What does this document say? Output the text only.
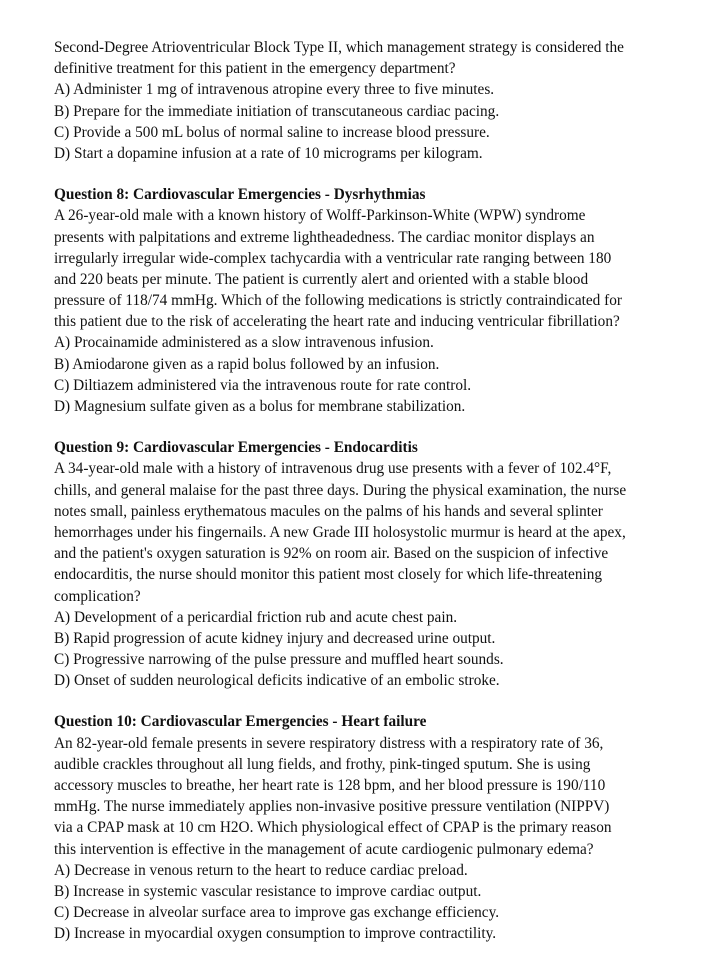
Second-Degree Atrioventricular Block Type II, which management strategy is considered the
definitive treatment for this patient in the emergency department?
A) Administer 1 mg of intravenous atropine every three to five minutes.
B) Prepare for the immediate initiation of transcutaneous cardiac pacing.
C) Provide a 500 mL bolus of normal saline to increase blood pressure.
D) Start a dopamine infusion at a rate of 10 micrograms per kilogram.
Question 8: Cardiovascular Emergencies - Dysrhythmias
A 26-year-old male with a known history of Wolff-Parkinson-White (WPW) syndrome
presents with palpitations and extreme lightheadedness. The cardiac monitor displays an
irregularly irregular wide-complex tachycardia with a ventricular rate ranging between 180
and 220 beats per minute. The patient is currently alert and oriented with a stable blood
pressure of 118/74 mmHg. Which of the following medications is strictly contraindicated for
this patient due to the risk of accelerating the heart rate and inducing ventricular fibrillation?
A) Procainamide administered as a slow intravenous infusion.
B) Amiodarone given as a rapid bolus followed by an infusion.
C) Diltiazem administered via the intravenous route for rate control.
D) Magnesium sulfate given as a bolus for membrane stabilization.
Question 9: Cardiovascular Emergencies - Endocarditis
A 34-year-old male with a history of intravenous drug use presents with a fever of 102.4°F,
chills, and general malaise for the past three days. During the physical examination, the nurse
notes small, painless erythematous macules on the palms of his hands and several splinter
hemorrhages under his fingernails. A new Grade III holosystolic murmur is heard at the apex,
and the patient's oxygen saturation is 92% on room air. Based on the suspicion of infective
endocarditis, the nurse should monitor this patient most closely for which life-threatening
complication?
A) Development of a pericardial friction rub and acute chest pain.
B) Rapid progression of acute kidney injury and decreased urine output.
C) Progressive narrowing of the pulse pressure and muffled heart sounds.
D) Onset of sudden neurological deficits indicative of an embolic stroke.
Question 10: Cardiovascular Emergencies - Heart failure
An 82-year-old female presents in severe respiratory distress with a respiratory rate of 36,
audible crackles throughout all lung fields, and frothy, pink-tinged sputum. She is using
accessory muscles to breathe, her heart rate is 128 bpm, and her blood pressure is 190/110
mmHg. The nurse immediately applies non-invasive positive pressure ventilation (NIPPV)
via a CPAP mask at 10 cm H2O. Which physiological effect of CPAP is the primary reason
this intervention is effective in the management of acute cardiogenic pulmonary edema?
A) Decrease in venous return to the heart to reduce cardiac preload.
B) Increase in systemic vascular resistance to improve cardiac output.
C) Decrease in alveolar surface area to improve gas exchange efficiency.
D) Increase in myocardial oxygen consumption to improve contractility.
